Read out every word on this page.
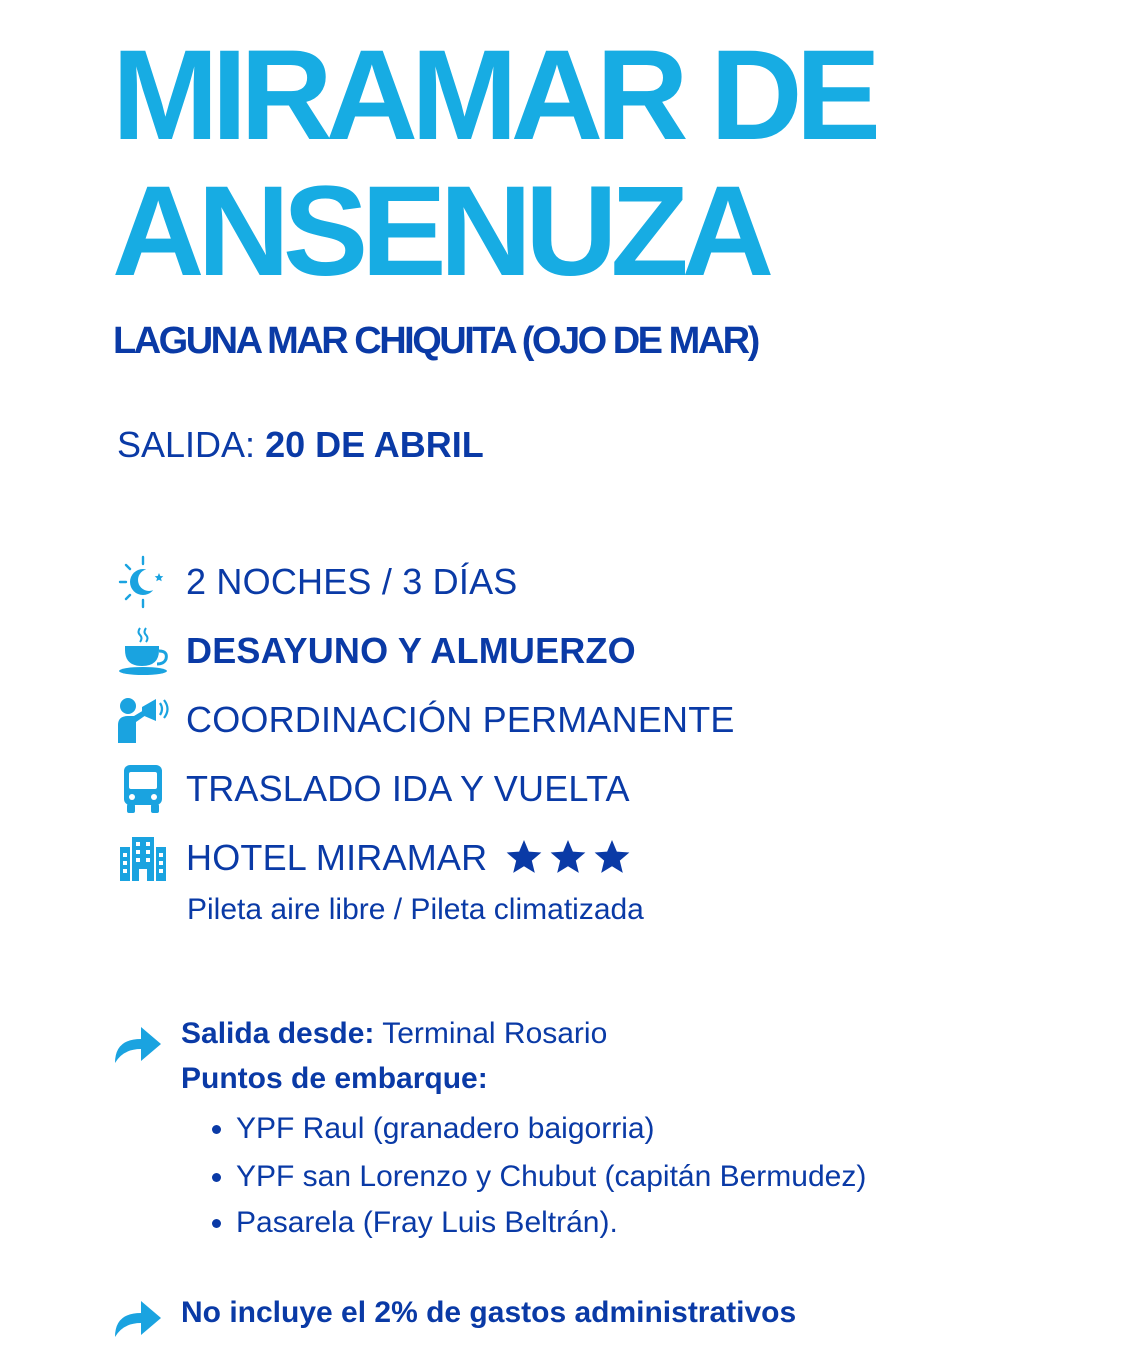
MIRAMAR DE
ANSENUZA
LAGUNA MAR CHIQUITA (OJO DE MAR)
SALIDA: 20 DE ABRIL
2 NOCHES / 3 DÍAS
DESAYUNO Y ALMUERZO
COORDINACIÓN PERMANENTE
TRASLADO IDA Y VUELTA
HOTEL MIRAMAR
Pileta aire libre / Pileta climatizada
Salida desde: Terminal Rosario
Puntos de embarque:
• YPF Raul (granadero baigorria)
• YPF san Lorenzo y Chubut (capitán Bermudez)
• Pasarela (Fray Luis Beltrán).
No incluye el 2% de gastos administrativos
